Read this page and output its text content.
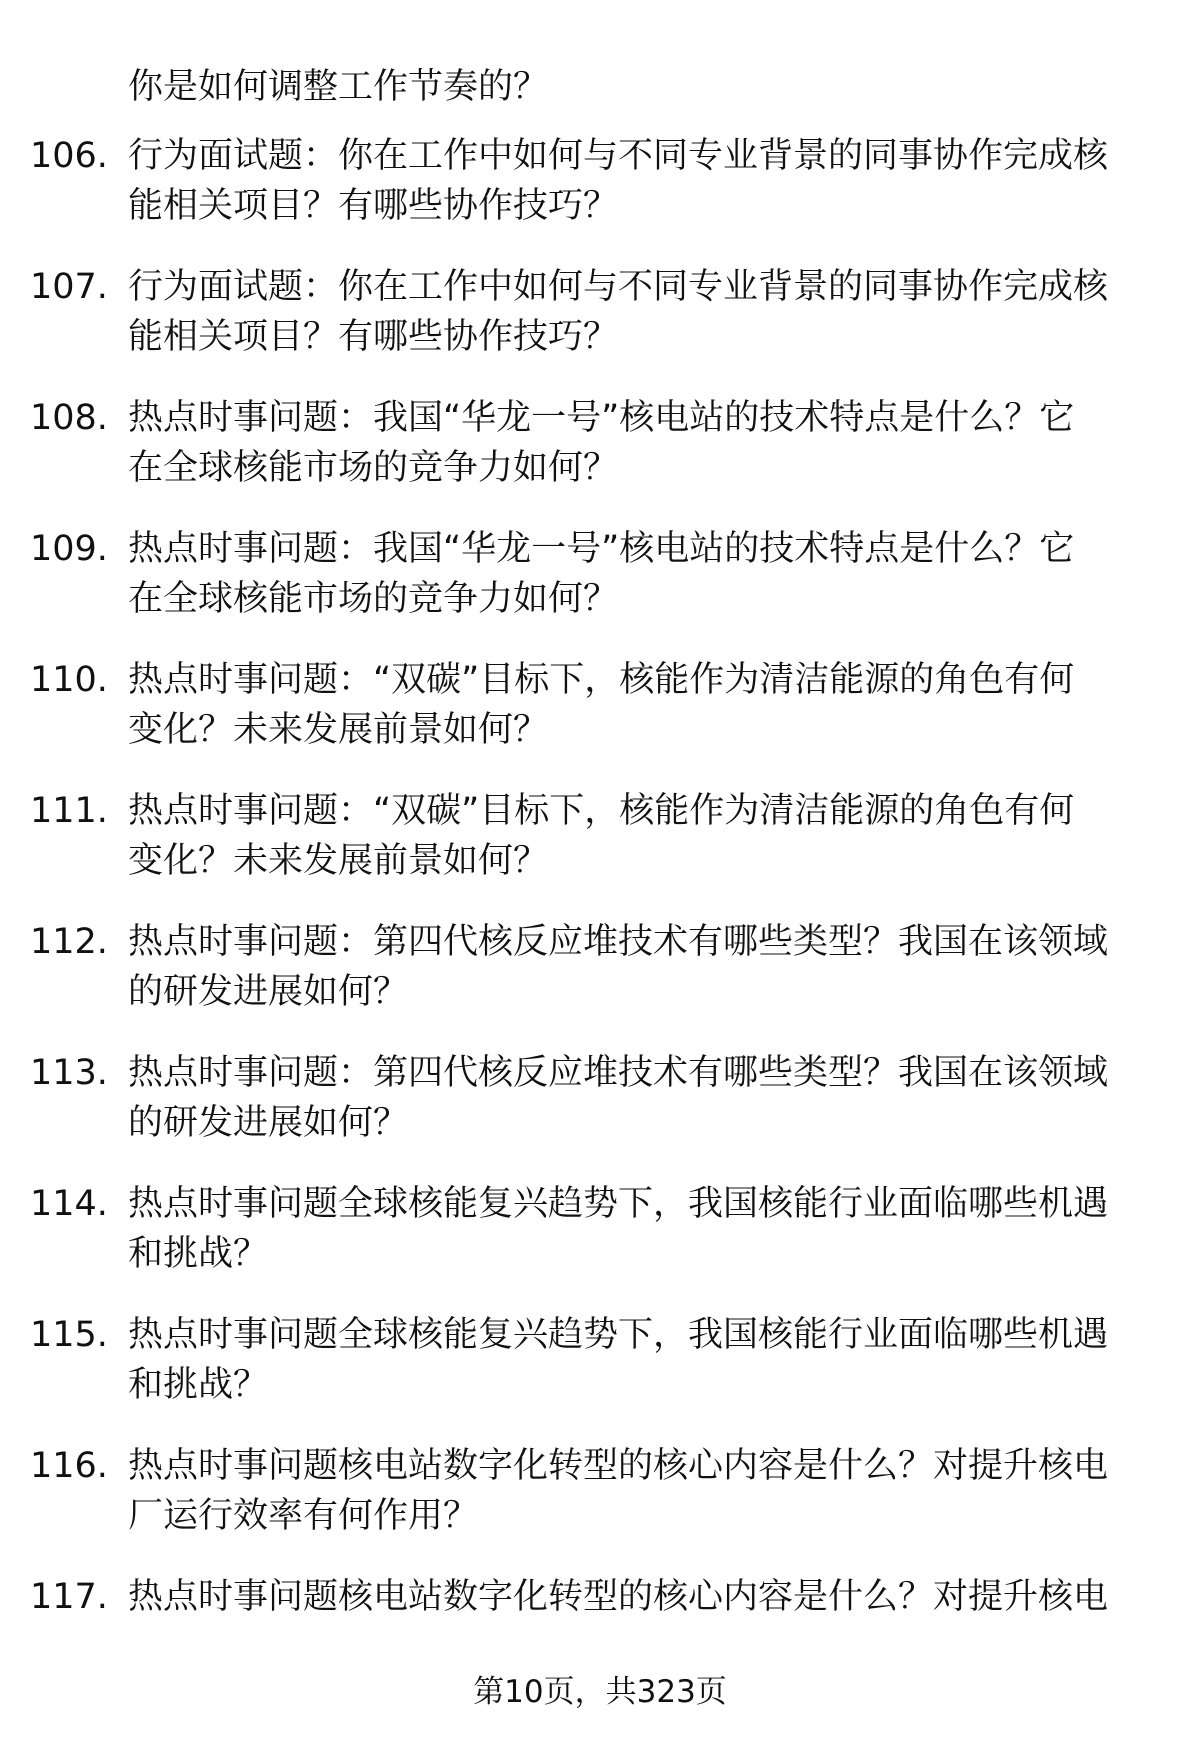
你是如何调整工作节奏的？
106. 行为面试题：你在工作中如何与不同专业背景的同事协作完成核
能相关项目？有哪些协作技巧？
107. 行为面试题：你在工作中如何与不同专业背景的同事协作完成核
能相关项目？有哪些协作技巧？
108. 热点时事问题：我国“华龙一号”核电站的技术特点是什么？它
在全球核能市场的竞争力如何？
109. 热点时事问题：我国“华龙一号”核电站的技术特点是什么？它
在全球核能市场的竞争力如何？
110. 热点时事问题：“双碳”目标下，核能作为清洁能源的角色有何
变化？未来发展前景如何？
111. 热点时事问题：“双碳”目标下，核能作为清洁能源的角色有何
变化？未来发展前景如何？
112. 热点时事问题：第四代核反应堆技术有哪些类型？我国在该领域
的研发进展如何？
113. 热点时事问题：第四代核反应堆技术有哪些类型？我国在该领域
的研发进展如何？
114. 热点时事问题全球核能复兴趋势下，我国核能行业面临哪些机遇
和挑战？
115. 热点时事问题全球核能复兴趋势下，我国核能行业面临哪些机遇
和挑战？
116. 热点时事问题核电站数字化转型的核心内容是什么？对提升核电
厂运行效率有何作用？
117. 热点时事问题核电站数字化转型的核心内容是什么？对提升核电
第10页，共323页
